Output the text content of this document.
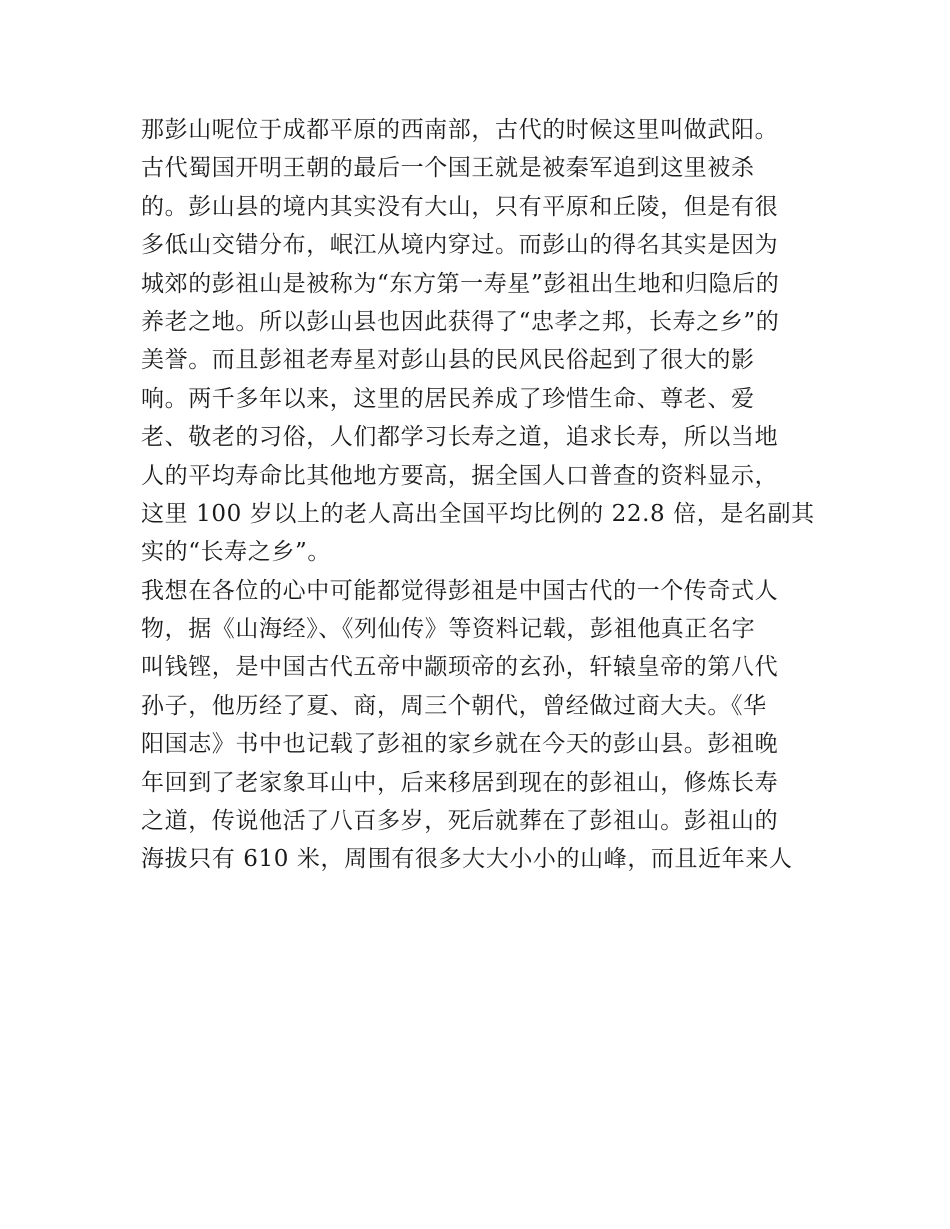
那彭山呢位于成都平原的西南部，古代的时候这里叫做武阳。
古代蜀国开明王朝的最后一个国王就是被秦军追到这里被杀
的。彭山县的境内其实没有大山，只有平原和丘陵，但是有很
多低山交错分布，岷江从境内穿过。而彭山的得名其实是因为
城郊的彭祖山是被称为“东方第一寿星”彭祖出生地和归隐后的
养老之地。所以彭山县也因此获得了“忠孝之邦，长寿之乡”的
美誉。而且彭祖老寿星对彭山县的民风民俗起到了很大的影
响。两千多年以来，这里的居民养成了珍惜生命、尊老、爱
老、敬老的习俗，人们都学习长寿之道，追求长寿，所以当地
人的平均寿命比其他地方要高，据全国人口普查的资料显示，
这里 100 岁以上的老人高出全国平均比例的 22.8 倍，是名副其
实的“长寿之乡”。
我想在各位的心中可能都觉得彭祖是中国古代的一个传奇式人
物，据《山海经》、《列仙传》等资料记载，彭祖他真正名字
叫钱铿，是中国古代五帝中颛顼帝的玄孙，轩辕皇帝的第八代
孙子，他历经了夏、商，周三个朝代，曾经做过商大夫。《华
阳国志》书中也记载了彭祖的家乡就在今天的彭山县。彭祖晚
年回到了老家象耳山中，后来移居到现在的彭祖山，修炼长寿
之道，传说他活了八百多岁，死后就葬在了彭祖山。彭祖山的
海拔只有 610 米，周围有很多大大小小的山峰，而且近年来人
